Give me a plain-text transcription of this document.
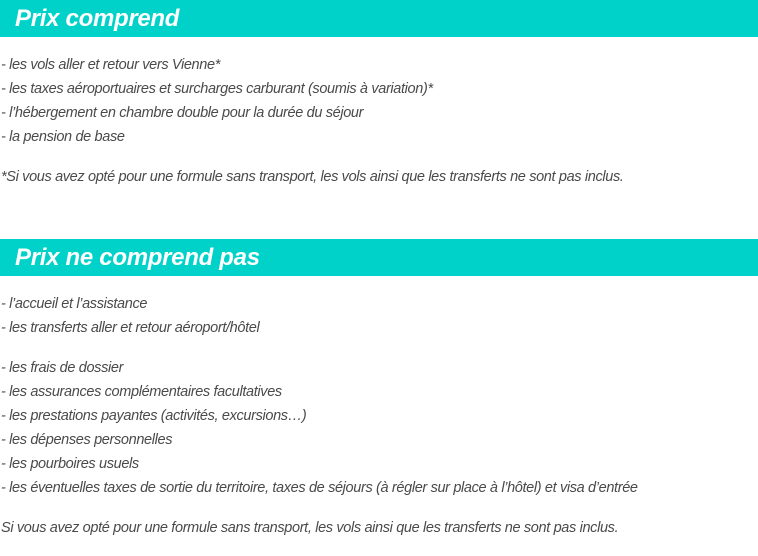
Prix comprend
- les vols aller et retour vers Vienne*
- les taxes aéroportuaires et surcharges carburant (soumis à variation)*
- l’hébergement en chambre double pour la durée du séjour
- la pension de base
*Si vous avez opté pour une formule sans transport, les vols ainsi que les transferts ne sont pas inclus.
Prix ne comprend pas
- l’accueil et l’assistance
- les transferts aller et retour aéroport/hôtel
- les frais de dossier
- les assurances complémentaires facultatives
- les prestations payantes (activités, excursions…)
- les dépenses personnelles
- les pourboires usuels
- les éventuelles taxes de sortie du territoire, taxes de séjours (à régler sur place à l’hôtel) et visa d’entrée
Si vous avez opté pour une formule sans transport, les vols ainsi que les transferts ne sont pas inclus.
